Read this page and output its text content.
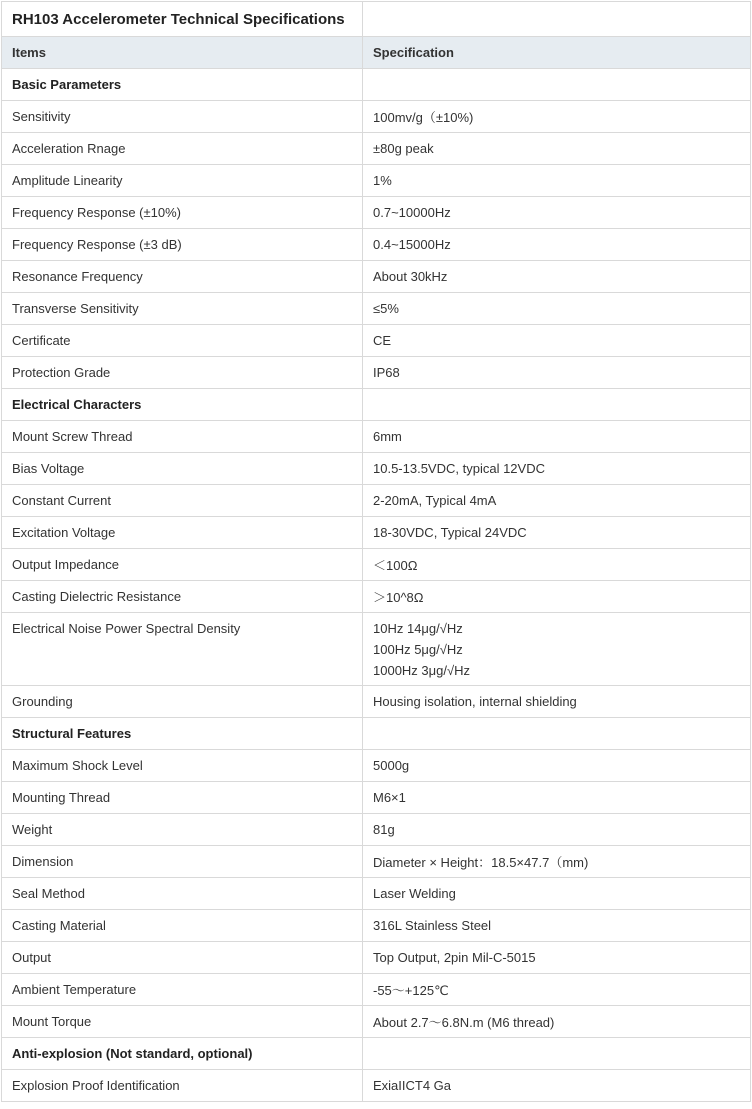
RH103 Accelerometer Technical Specifications	
Items	Specification
Basic Parameters	
Sensitivity	100mv/g（±10%)
Acceleration Rnage	±80g peak
Amplitude Linearity	1%
Frequency Response (±10%)	0.7~10000Hz
Frequency Response (±3 dB)	0.4~15000Hz
Resonance Frequency	About 30kHz
Transverse Sensitivity	≤5%
Certificate	CE
Protection Grade	IP68
Electrical Characters	
Mount Screw Thread	6mm
Bias Voltage	10.5-13.5VDC, typical 12VDC
Constant Current	2-20mA, Typical 4mA
Excitation Voltage	18-30VDC, Typical 24VDC
Output Impedance	＜100Ω
Casting Dielectric Resistance	＞10^8Ω
Electrical Noise Power Spectral Density	10Hz 14μg/√Hz
100Hz 5μg/√Hz
1000Hz 3μg/√Hz

Grounding	Housing isolation, internal shielding
Structural Features	
Maximum Shock Level	5000g
Mounting Thread	M6×1
Weight	81g
Dimension	Diameter × Height：18.5×47.7（mm)
Seal Method	Laser Welding
Casting Material	316L Stainless Steel
Output	Top Output, 2pin Mil-C-5015
Ambient Temperature	-55～+125℃
Mount Torque	About 2.7～6.8N.m (M6 thread)
Anti-explosion (Not standard, optional)	
Explosion Proof Identification	ExiaIICT4 Ga
